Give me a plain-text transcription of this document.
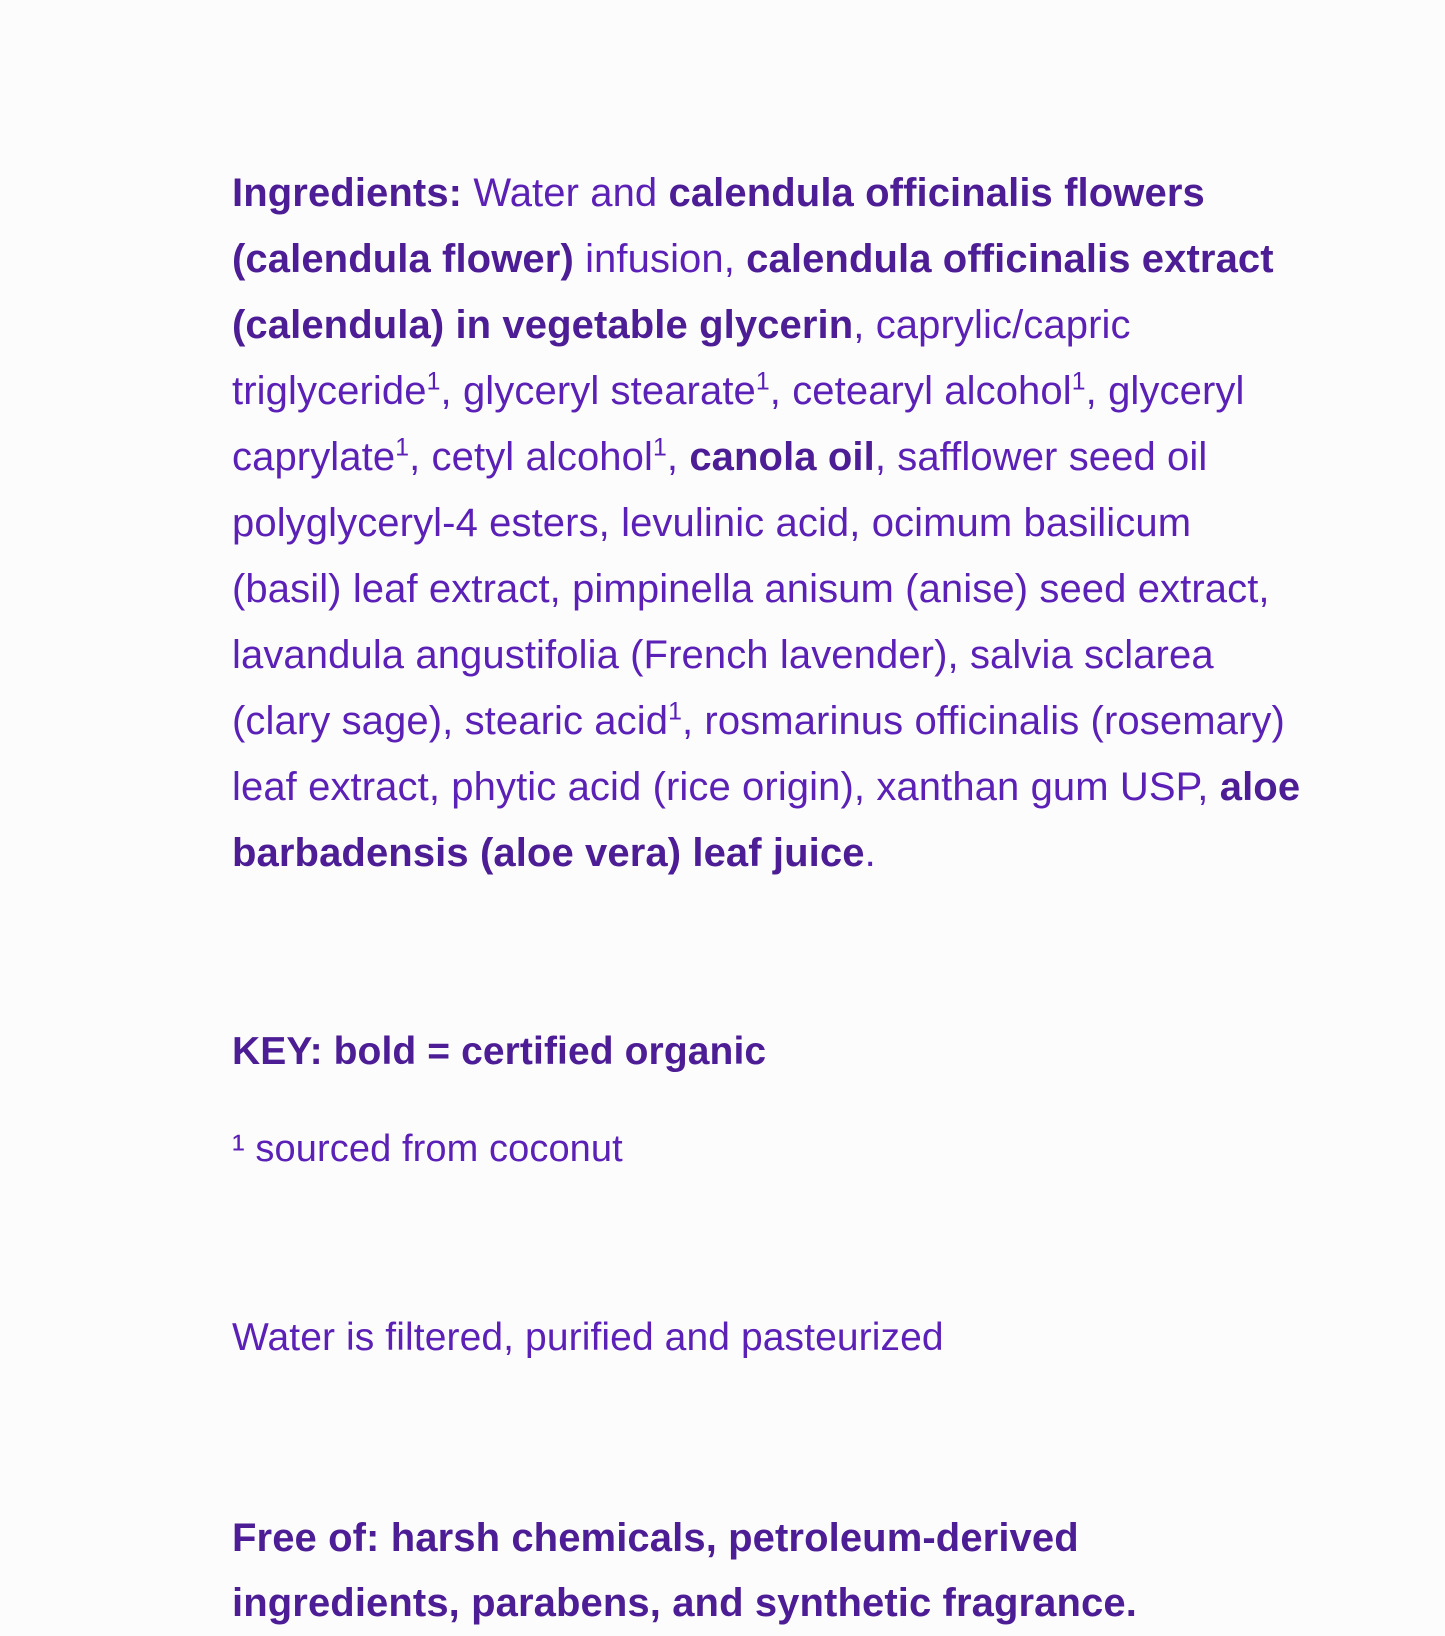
Ingredients: Water and calendula officinalis flowers (calendula flower) infusion, calendula officinalis extract (calendula) in vegetable glycerin, caprylic/capric triglyceride$^1$, glyceryl stearate$^1$, cetearyl alcohol$^1$, glyceryl caprylate$^1$, cetyl alcohol$^1$, canola oil, safflower seed oil polyglyceryl-4 esters, levulinic acid, ocimum basilicum (basil) leaf extract, pimpinella anisum (anise) seed extract, lavandula angustifolia (French lavender), salvia sclarea (clary sage), stearic acid$^1$, rosmarinus officinalis (rosemary) leaf extract, phytic acid (rice origin), xanthan gum USP, aloe barbadensis (aloe vera) leaf juice.

KEY: bold = certified organic

¹ sourced from coconut

Water is filtered, purified and pasteurized

Free of: harsh chemicals, petroleum-derived ingredients, parabens, and synthetic fragrance.
